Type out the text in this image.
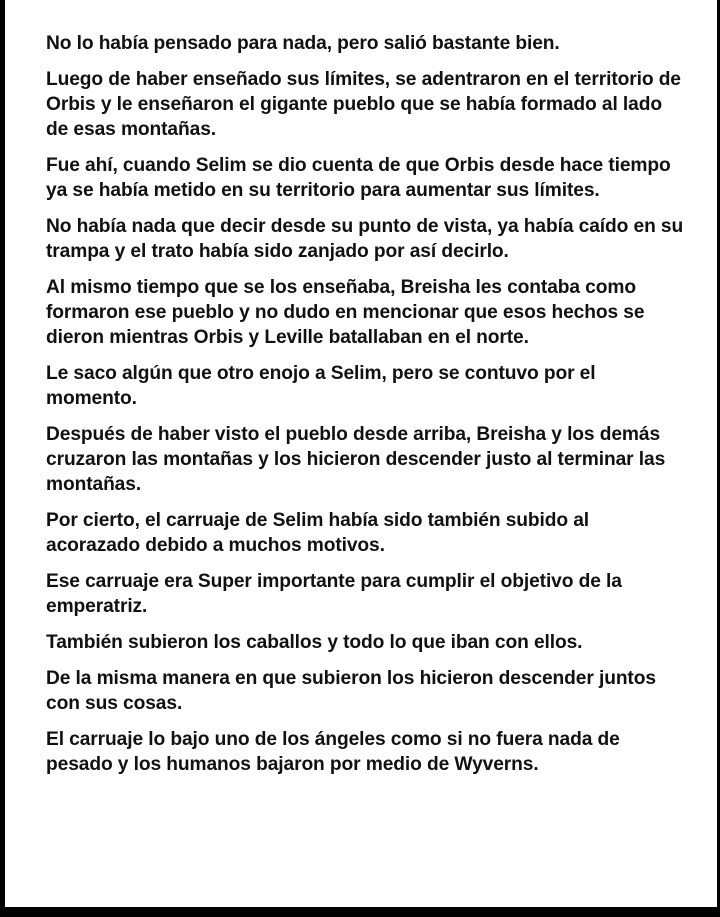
No lo había pensado para nada, pero salió bastante bien.

Luego de haber enseñado sus límites, se adentraron en el territorio de Orbis y le enseñaron el gigante pueblo que se había formado al lado de esas montañas.

Fue ahí, cuando Selim se dio cuenta de que Orbis desde hace tiempo ya se había metido en su territorio para aumentar sus límites.

No había nada que decir desde su punto de vista, ya había caído en su trampa y el trato había sido zanjado por así decirlo.

Al mismo tiempo que se los enseñaba, Breisha les contaba como formaron ese pueblo y no dudo en mencionar que esos hechos se dieron mientras Orbis y Leville batallaban en el norte.

Le saco algún que otro enojo a Selim, pero se contuvo por el momento.

Después de haber visto el pueblo desde arriba, Breisha y los demás cruzaron las montañas y los hicieron descender justo al terminar las montañas.

Por cierto, el carruaje de Selim había sido también subido al acorazado debido a muchos motivos.

Ese carruaje era Super importante para cumplir el objetivo de la emperatriz.

También subieron los caballos y todo lo que iban con ellos.

De la misma manera en que subieron los hicieron descender juntos con sus cosas.

El carruaje lo bajo uno de los ángeles como si no fuera nada de pesado y los humanos bajaron por medio de Wyverns.
